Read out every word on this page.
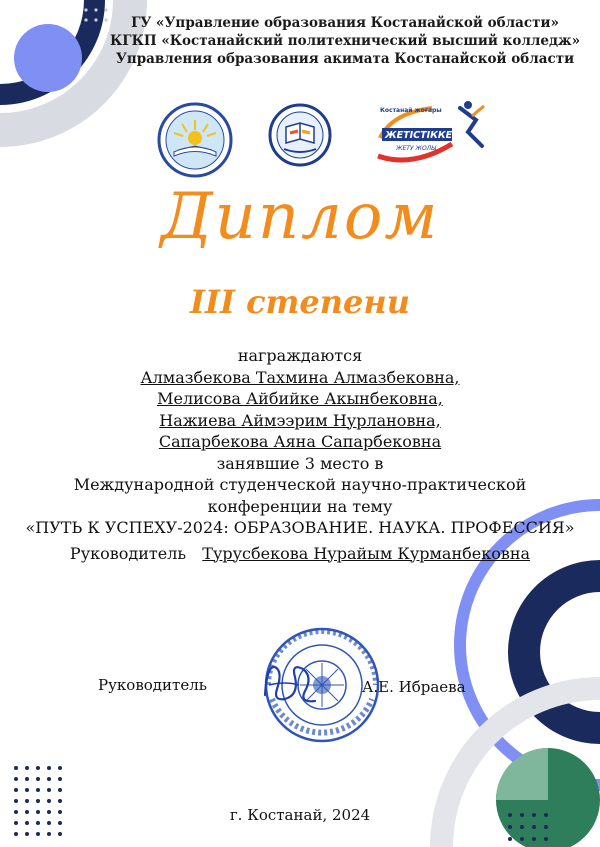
ГУ «Управление образования Костанайской области»
КГКП «Костанайский политехнический высший колледж»
Управления образования акимата Костанайской области
Костанай жоғары
ЖЕТІСТІККЕ
ЖЕТУ ЖОЛЫ
Диплом
III степени
награждаются
Алмазбекова Тахмина Алмазбековна,
Мелисова Айбийке Акынбековна,
Нажиева Аймээрим Нурлановна,
Сапарбекова Аяна Сапарбековна
занявшие 3 место в
Международной студенческой научно-практической
конференции на тему
«ПУТЬ К УСПЕХУ-2024: ОБРАЗОВАНИЕ. НАУКА. ПРОФЕССИЯ»
Руководитель Турусбекова Нурайым Курманбековна
Руководитель	А.Е. Ибраева
г. Костанай, 2024
